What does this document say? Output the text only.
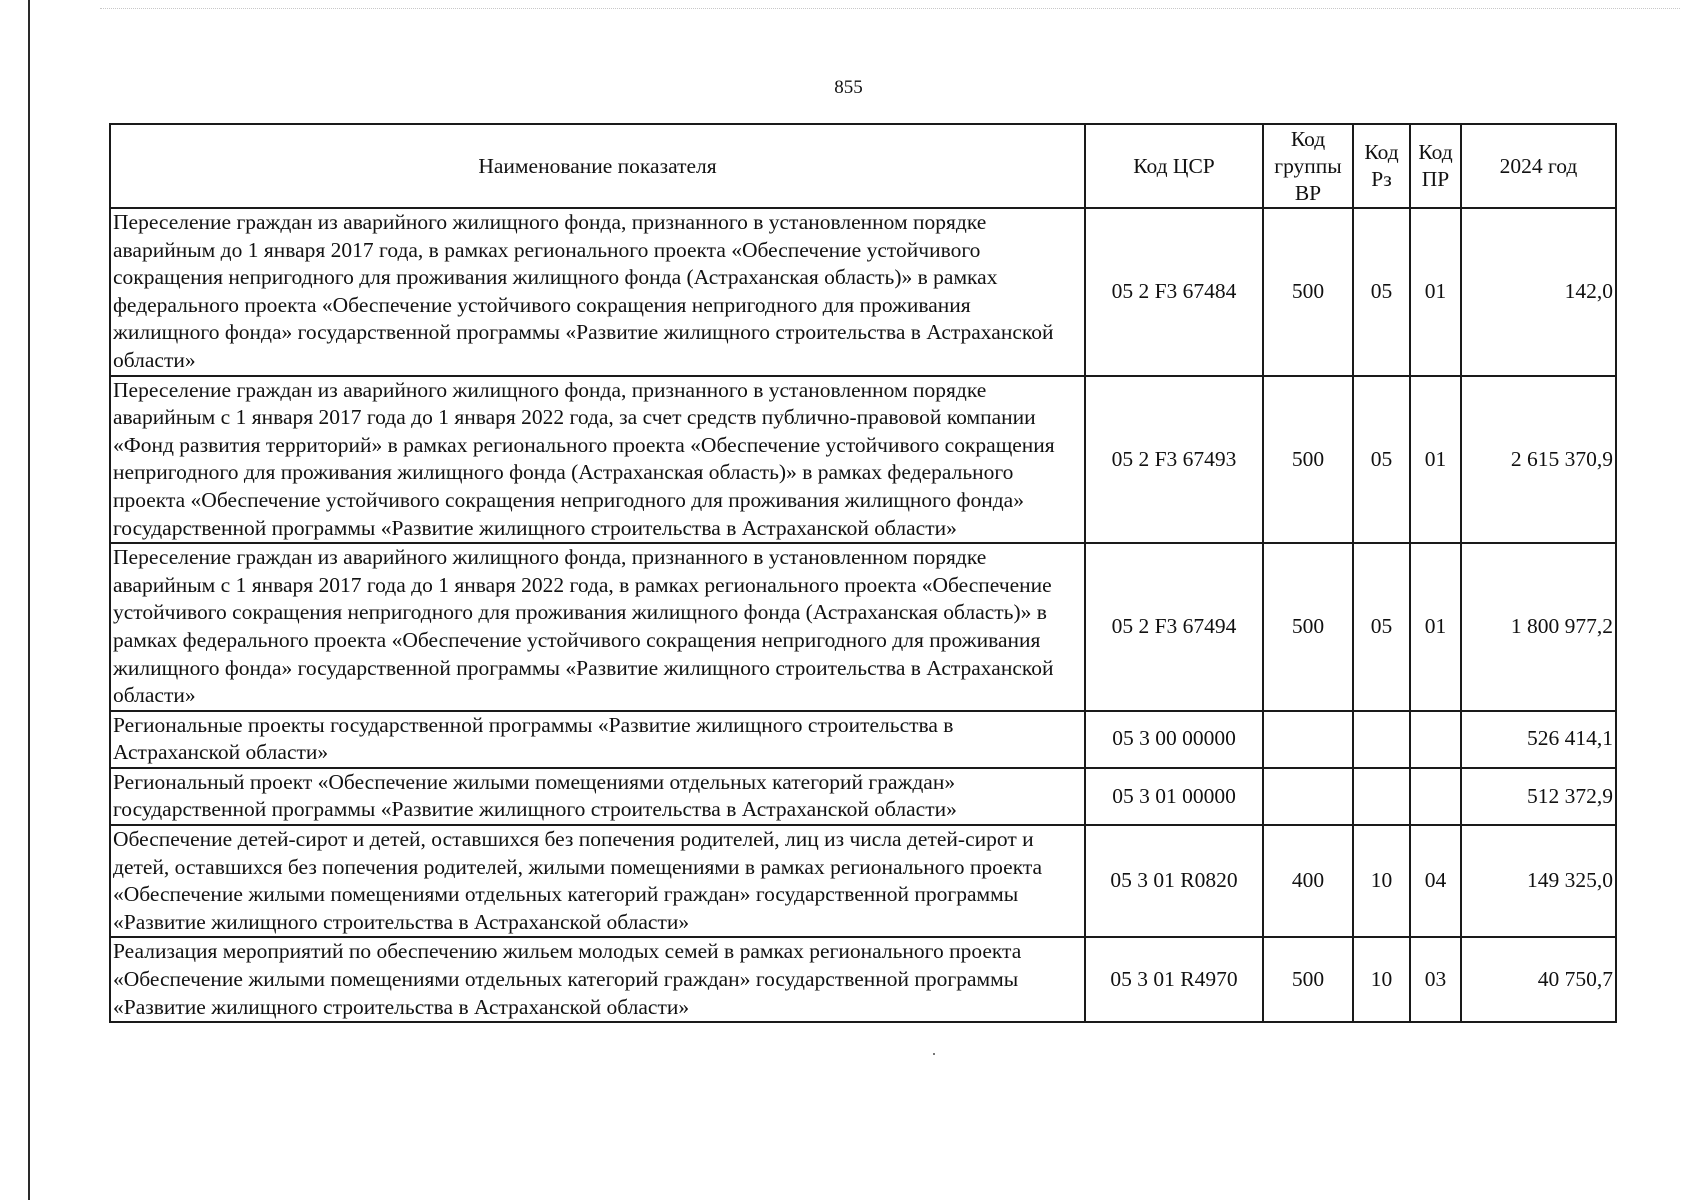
855
Наименование показателя	Код ЦСР	Код группы ВР	Код Рз	Код ПР	2024 год
Переселение граждан из аварийного жилищного фонда, признанного в установленном порядке аварийным до 1 января 2017 года, в рамках регионального проекта «Обеспечение устойчивого сокращения непригодного для проживания жилищного фонда (Астраханская область)» в рамках федерального проекта «Обеспечение устойчивого сокращения непригодного для проживания жилищного фонда» государственной программы «Развитие жилищного строительства в Астраханской области»	05 2 F3 67484	500	05	01	142,0
Переселение граждан из аварийного жилищного фонда, признанного в установленном порядке аварийным с 1 января 2017 года до 1 января 2022 года, за счет средств публично-правовой компании «Фонд развития территорий» в рамках регионального проекта «Обеспечение устойчивого сокращения непригодного для проживания жилищного фонда (Астраханская область)» в рамках федерального проекта «Обеспечение устойчивого сокращения непригодного для проживания жилищного фонда» государственной программы «Развитие жилищного строительства в Астраханской области»	05 2 F3 67493	500	05	01	2 615 370,9
Переселение граждан из аварийного жилищного фонда, признанного в установленном порядке аварийным с 1 января 2017 года до 1 января 2022 года, в рамках регионального проекта «Обеспечение устойчивого сокращения непригодного для проживания жилищного фонда (Астраханская область)» в рамках федерального проекта «Обеспечение устойчивого сокращения непригодного для проживания жилищного фонда» государственной программы «Развитие жилищного строительства в Астраханской области»	05 2 F3 67494	500	05	01	1 800 977,2
Региональные проекты государственной программы «Развитие жилищного строительства в Астраханской области»	05 3 00 00000				526 414,1
Региональный проект «Обеспечение жилыми помещениями отдельных категорий граждан» государственной программы «Развитие жилищного строительства в Астраханской области»	05 3 01 00000				512 372,9
Обеспечение детей-сирот и детей, оставшихся без попечения родителей, лиц из числа детей-сирот и детей, оставшихся без попечения родителей, жилыми помещениями в рамках регионального проекта «Обеспечение жилыми помещениями отдельных категорий граждан» государственной программы «Развитие жилищного строительства в Астраханской области»	05 3 01 R0820	400	10	04	149 325,0
Реализация мероприятий по обеспечению жильем молодых семей в рамках регионального проекта «Обеспечение жилыми помещениями отдельных категорий граждан» государственной программы «Развитие жилищного строительства в Астраханской области»	05 3 01 R4970	500	10	03	40 750,7
